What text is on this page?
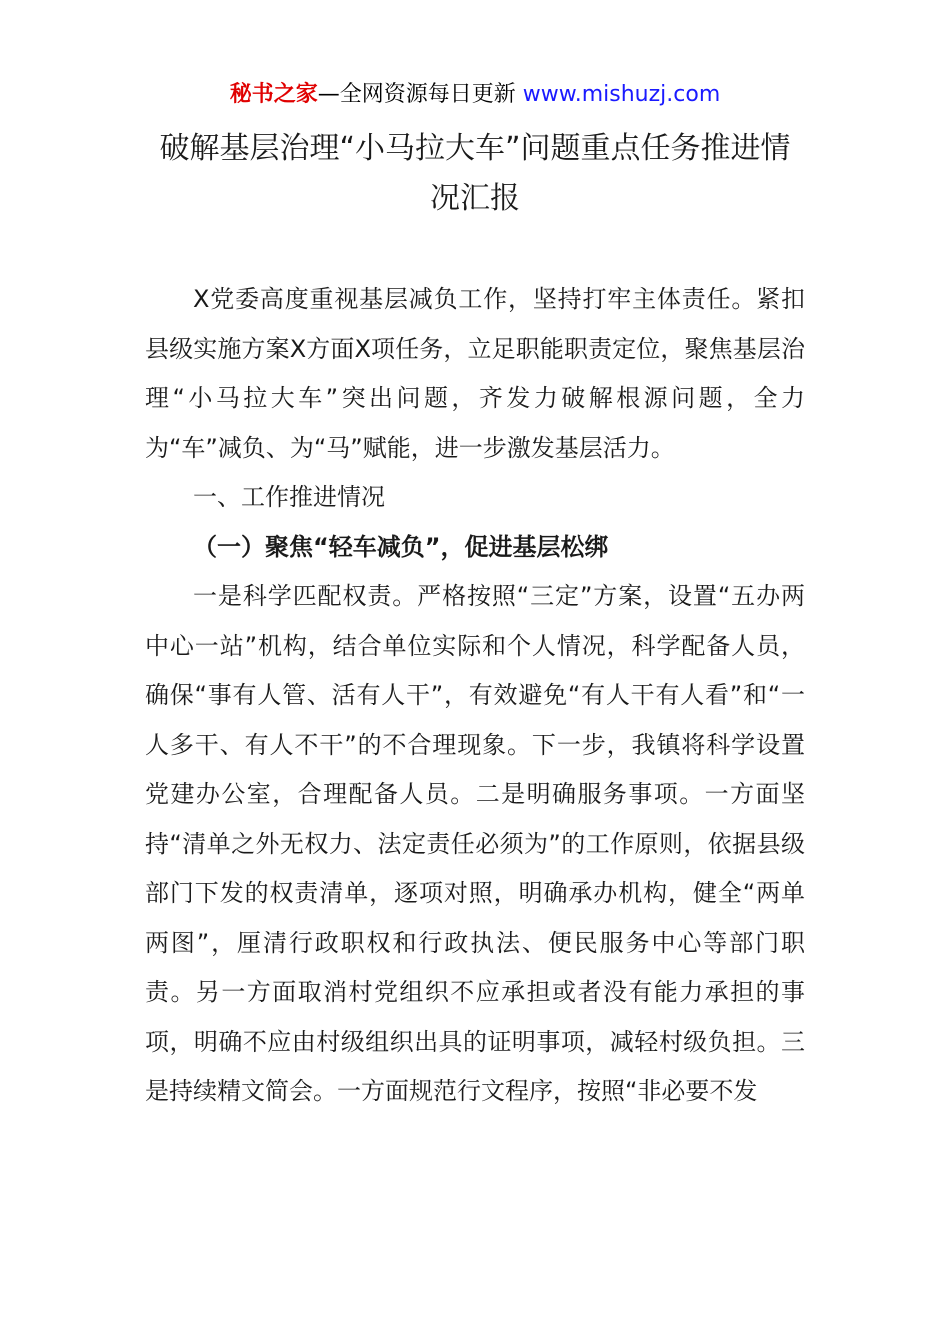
秘书之家—全网资源每日更新 www.mishuzj.com
破解基层治理“小马拉大车”问题重点任务推进情况汇报

X党委高度重视基层减负工作，坚持打牢主体责任。紧扣县级实施方案X方面X项任务，立足职能职责定位，聚焦基层治理“小马拉大车”突出问题，齐发力破解根源问题，全力为“车”减负、为“马”赋能，进一步激发基层活力。

一、工作推进情况

（一）聚焦“轻车减负”，促进基层松绑

一是科学匹配权责。严格按照“三定”方案，设置“五办两中心一站”机构，结合单位实际和个人情况，科学配备人员，确保“事有人管、活有人干”，有效避免“有人干有人看”和“一人多干、有人不干”的不合理现象。下一步，我镇将科学设置党建办公室，合理配备人员。二是明确服务事项。一方面坚持“清单之外无权力、法定责任必须为”的工作原则，依据县级部门下发的权责清单，逐项对照，明确承办机构，健全“两单两图”，厘清行政职权和行政执法、便民服务中心等部门职责。另一方面取消村党组织不应承担或者没有能力承担的事项，明确不应由村级组织出具的证明事项，减轻村级负担。三是持续精文简会。一方面规范行文程序，按照“非必要不发
